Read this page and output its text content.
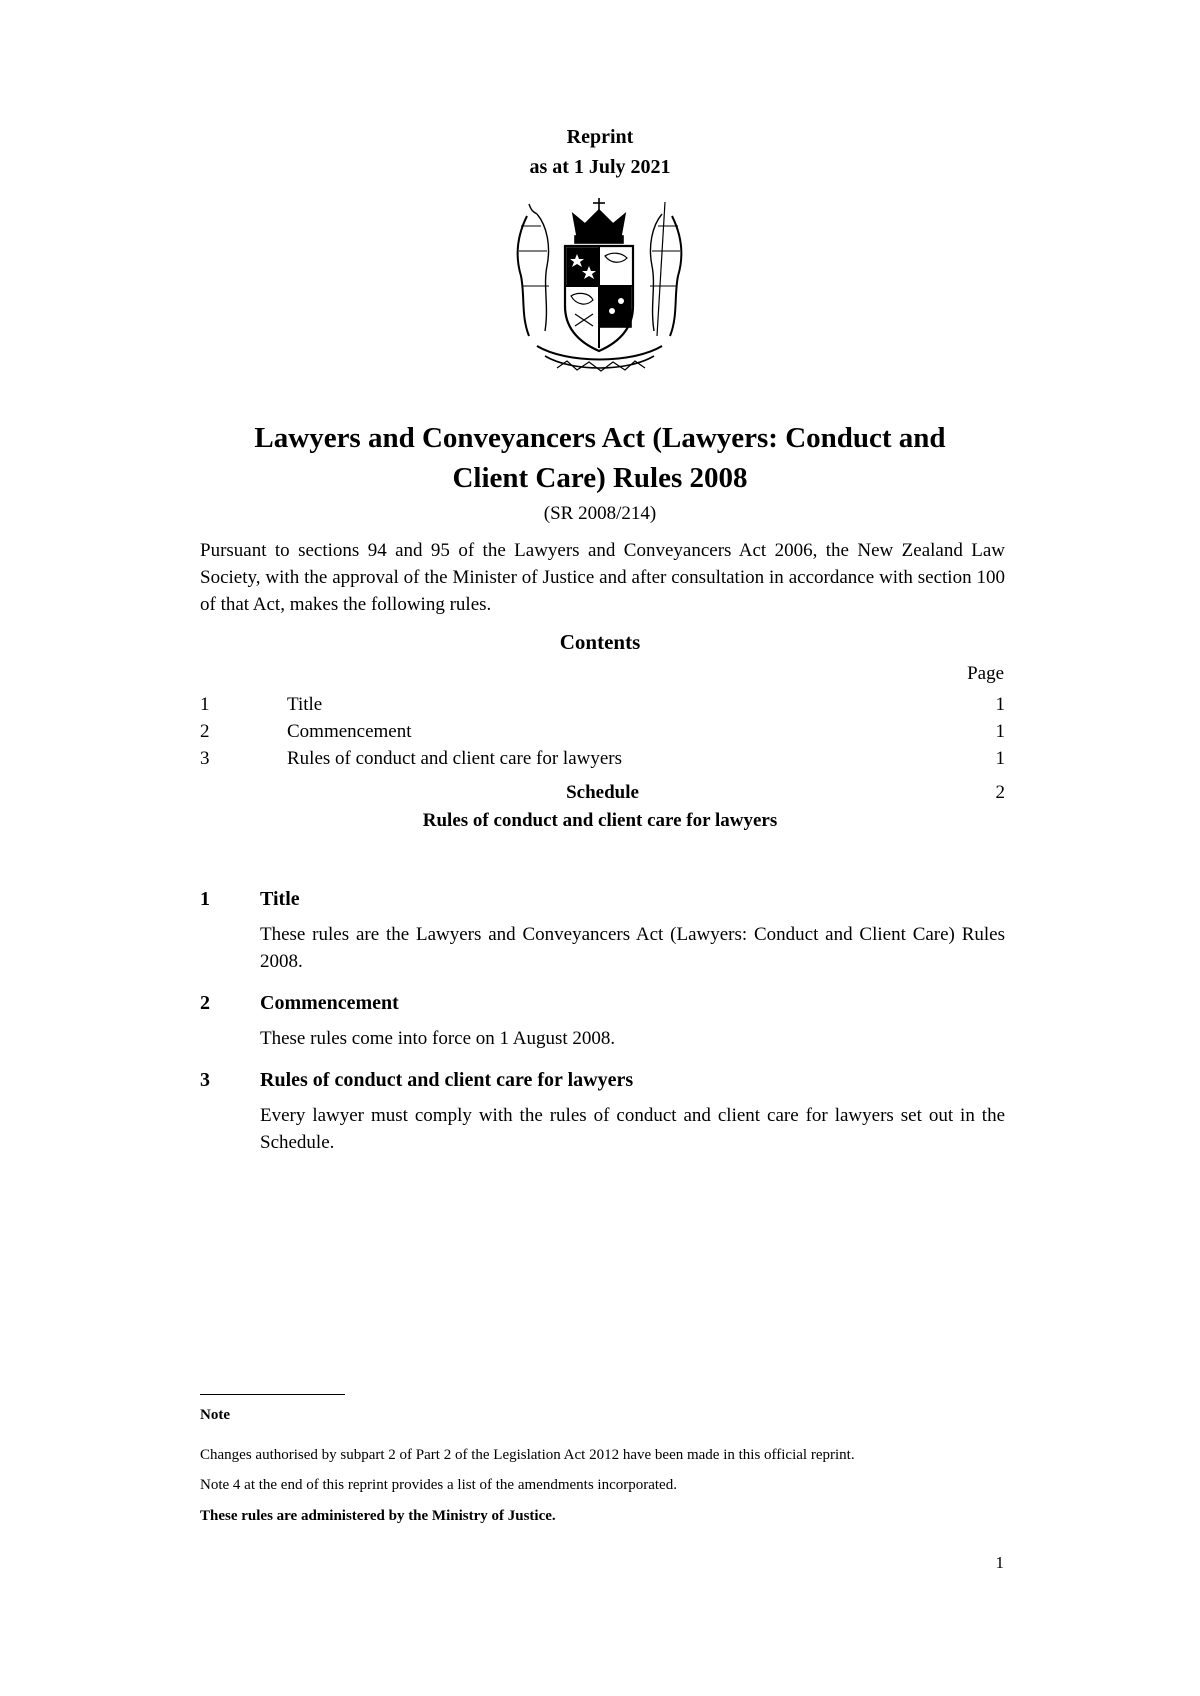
Reprint
as at 1 July 2021
Lawyers and Conveyancers Act (Lawyers: Conduct and
Client Care) Rules 2008
(SR 2008/214)
Pursuant to sections 94 and 95 of the Lawyers and Conveyancers Act 2006, the New Zealand Law Society, with the approval of the Minister of Justice and after consultation in accordance with section 100 of that Act, makes the following rules.
Contents
Page
1	Title	1
2	Commencement	1
3	Rules of conduct and client care for lawyers	1
Schedule	2
Rules of conduct and client care for lawyers
1	Title
These rules are the Lawyers and Conveyancers Act (Lawyers: Conduct and Client Care) Rules 2008.
2	Commencement
These rules come into force on 1 August 2008.
3	Rules of conduct and client care for lawyers
Every lawyer must comply with the rules of conduct and client care for lawyers set out in the Schedule.
Note
Changes authorised by subpart 2 of Part 2 of the Legislation Act 2012 have been made in this official reprint.
Note 4 at the end of this reprint provides a list of the amendments incorporated.
These rules are administered by the Ministry of Justice.
1
